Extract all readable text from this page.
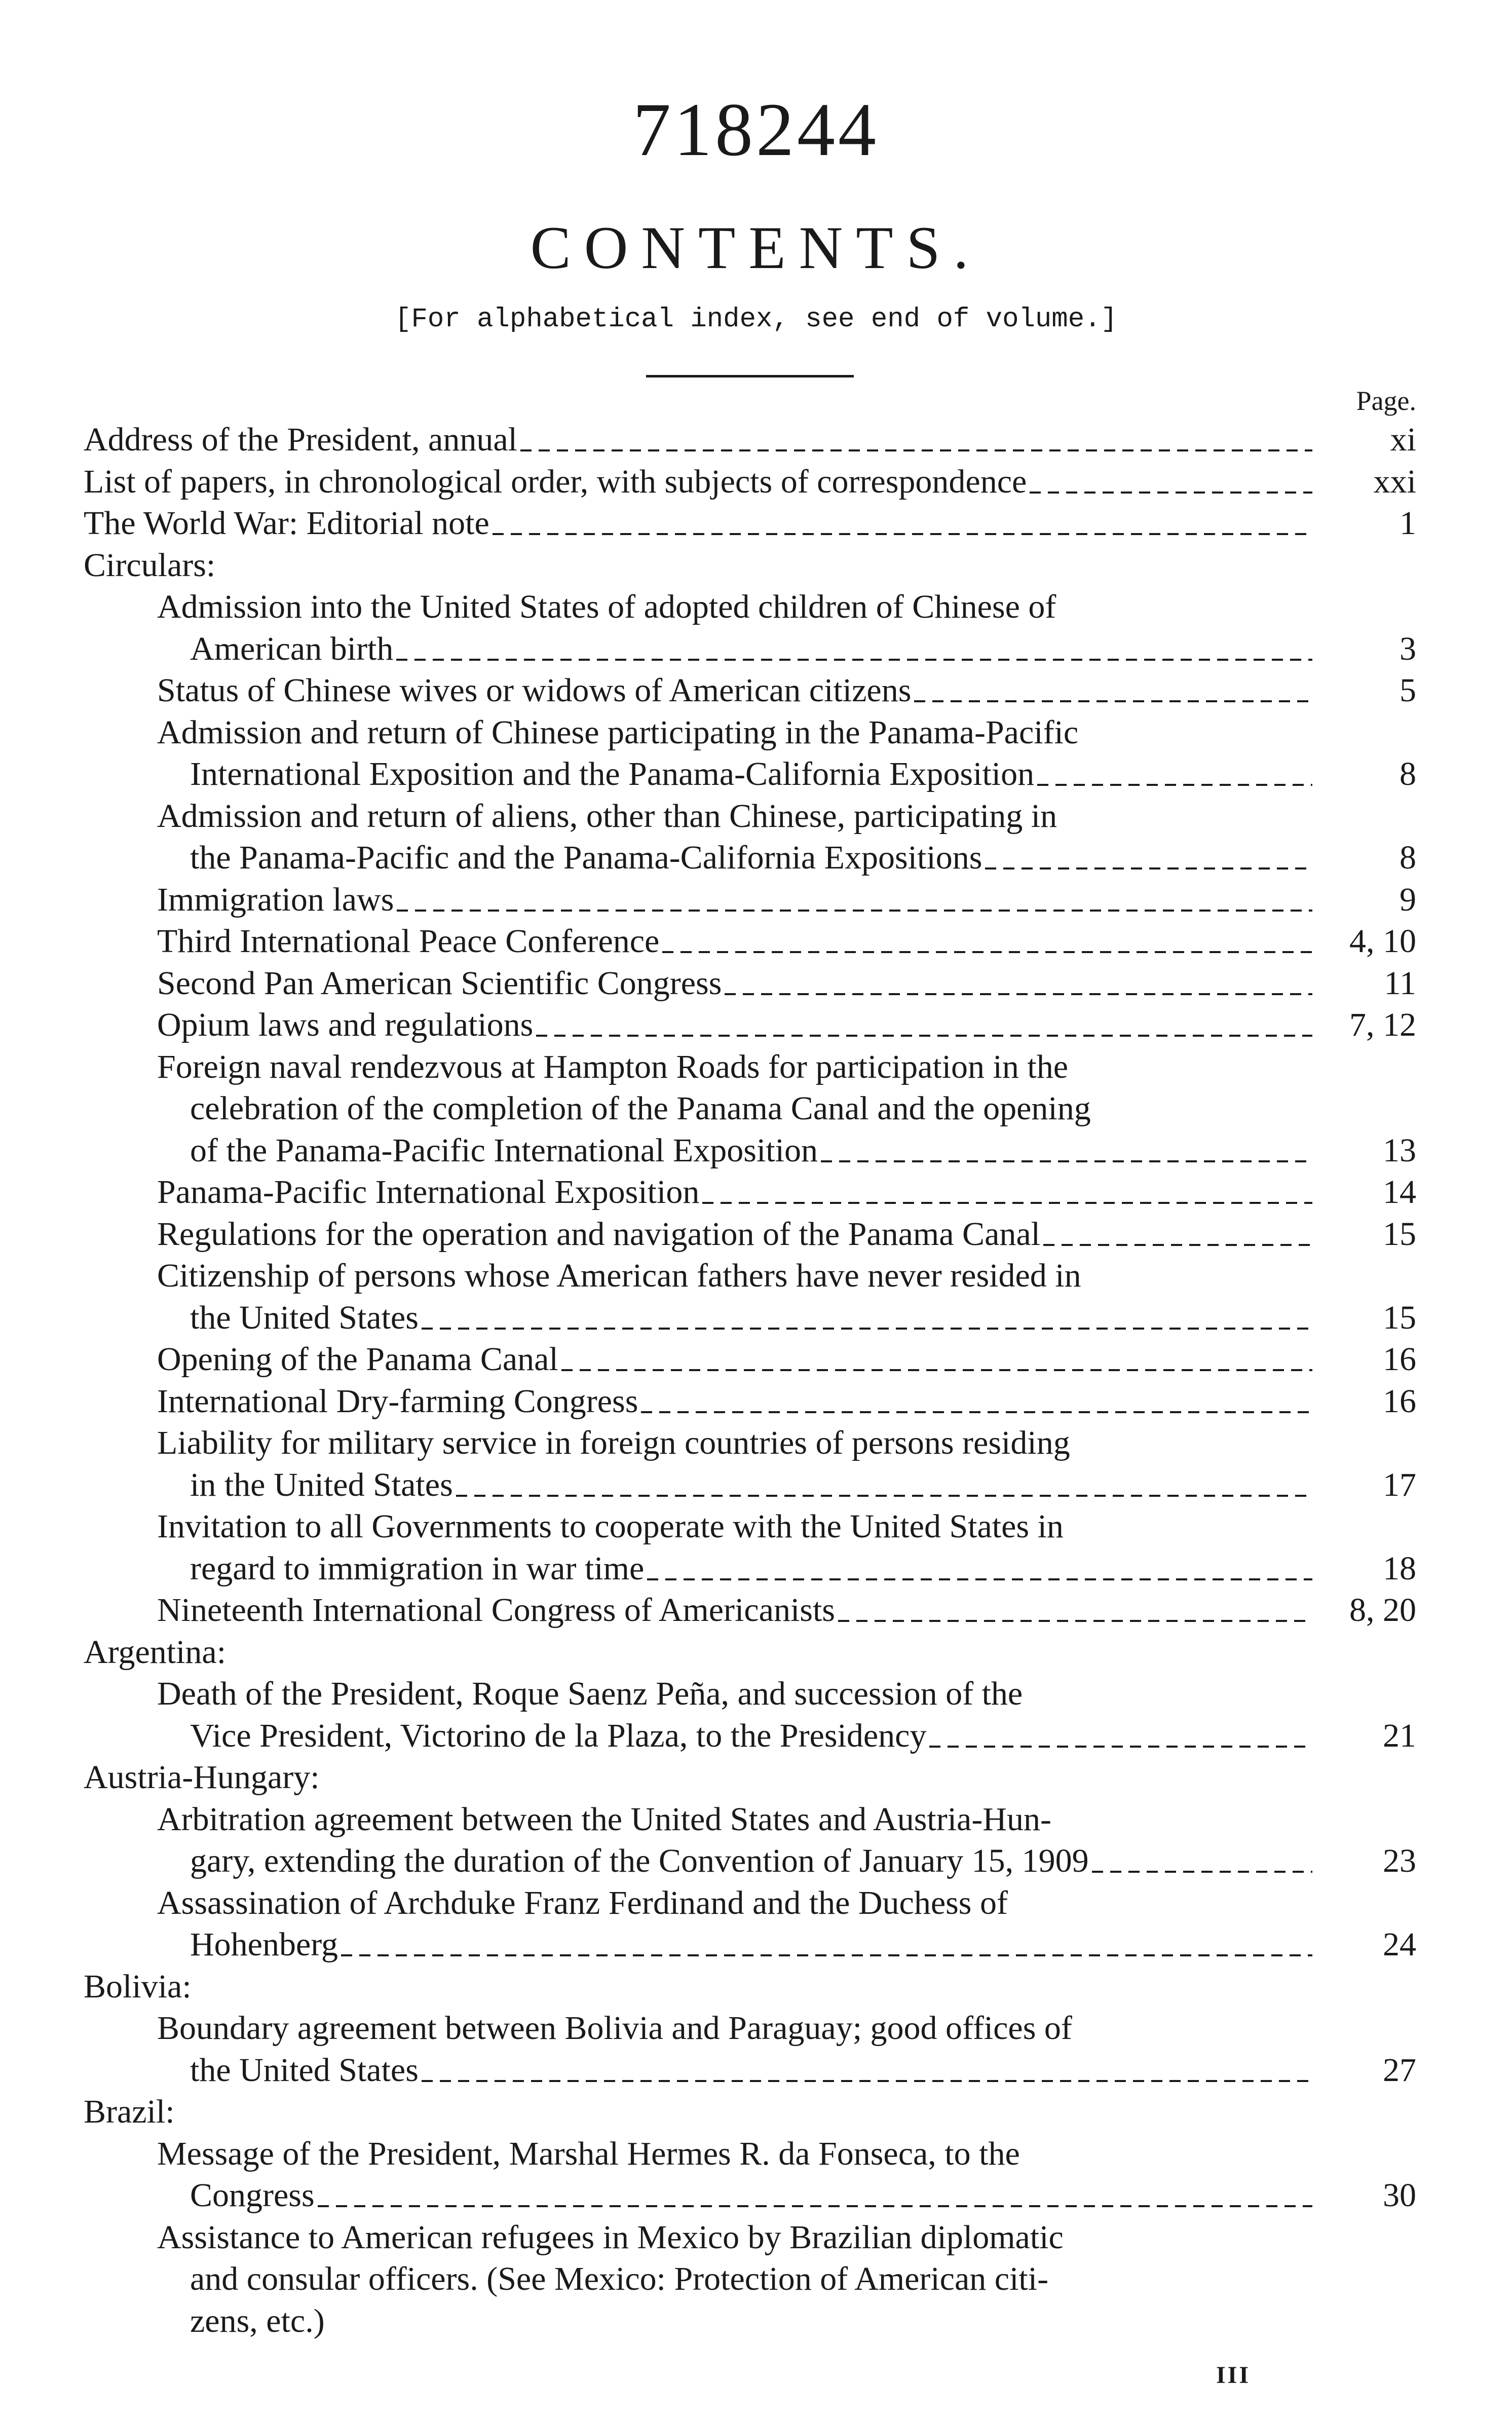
718244
CONTENTS.
[For alphabetical index, see end of volume.]
Page.
Address of the President, annual	xi
List of papers, in chronological order, with subjects of correspondence	xxi
The World War: Editorial note	1
Circulars:
Admission into the United States of adopted children of Chinese of
American birth	3
Status of Chinese wives or widows of American citizens	5
Admission and return of Chinese participating in the Panama-Pacific
International Exposition and the Panama-California Exposition	8
Admission and return of aliens, other than Chinese, participating in
the Panama-Pacific and the Panama-California Expositions	8
Immigration laws	9
Third International Peace Conference	4, 10
Second Pan American Scientific Congress	11
Opium laws and regulations	7, 12
Foreign naval rendezvous at Hampton Roads for participation in the
celebration of the completion of the Panama Canal and the opening
of the Panama-Pacific International Exposition	13
Panama-Pacific International Exposition	14
Regulations for the operation and navigation of the Panama Canal	15
Citizenship of persons whose American fathers have never resided in
the United States	15
Opening of the Panama Canal	16
International Dry-farming Congress	16
Liability for military service in foreign countries of persons residing
in the United States	17
Invitation to all Governments to cooperate with the United States in
regard to immigration in war time	18
Nineteenth International Congress of Americanists	8, 20
Argentina:
Death of the President, Roque Saenz Peña, and succession of the
Vice President, Victorino de la Plaza, to the Presidency	21
Austria-Hungary:
Arbitration agreement between the United States and Austria-Hun-
gary, extending the duration of the Convention of January 15, 1909	23
Assassination of Archduke Franz Ferdinand and the Duchess of
Hohenberg	24
Bolivia:
Boundary agreement between Bolivia and Paraguay; good offices of
the United States	27
Brazil:
Message of the President, Marshal Hermes R. da Fonseca, to the
Congress	30
Assistance to American refugees in Mexico by Brazilian diplomatic
and consular officers. (See Mexico: Protection of American citi-
zens, etc.)
III
